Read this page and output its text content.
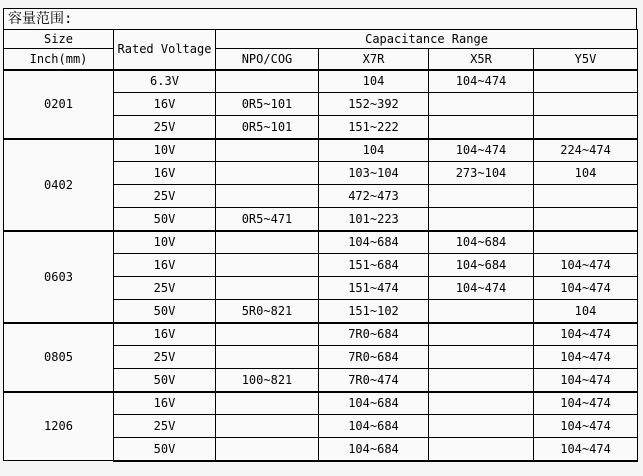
容量范围:
Size	Rated Voltage	Capacitance Range			
Inch(mm)		NPO/COG	X7R	X5R	Y5V
0201	6.3V		104	104~474	
	16V	0R5~101	152~392		
	25V	0R5~101	151~222		
0402	10V		104	104~474	224~474
	16V		103~104	273~104	104
	25V		472~473		
	50V	0R5~471	101~223		
0603	10V		104~684	104~684	
	16V		151~684	104~684	104~474
	25V		151~474	104~474	104~474
	50V	5R0~821	151~102		104
0805	16V		7R0~684		104~474
	25V		7R0~684		104~474
	50V	100~821	7R0~474		104~474
1206	16V		104~684		104~474
	25V		104~684		104~474
	50V		104~684		104~474
